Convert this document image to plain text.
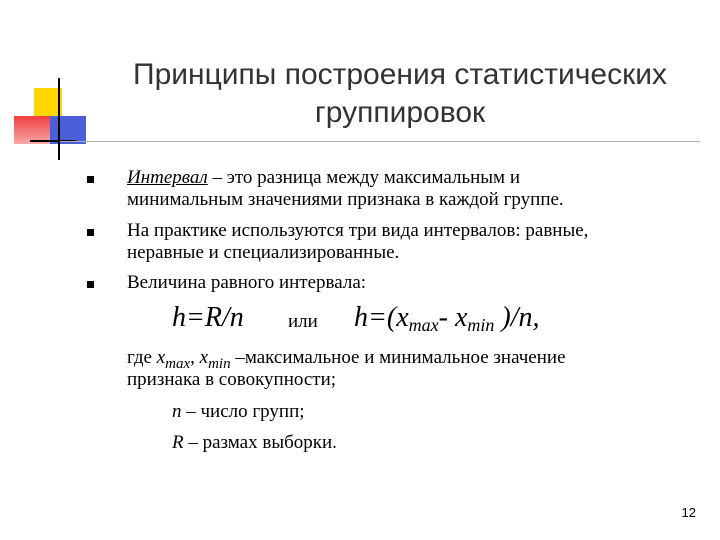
Принципы построения статистических
группировок
Интервал – это разница между максимальным и
минимальным значениями признака в каждой группе.
На практике используются три вида интервалов: равные,
неравные и специализированные.
Величина равного интервала:
h=R/n или $h=(x_{max}-$ $x_{min}$ )/n,
где $x_{max}$, $x_{min}$ –максимальное и минимальное значение
признака в совокупности;
n – число групп;
R – размах выборки.
12
